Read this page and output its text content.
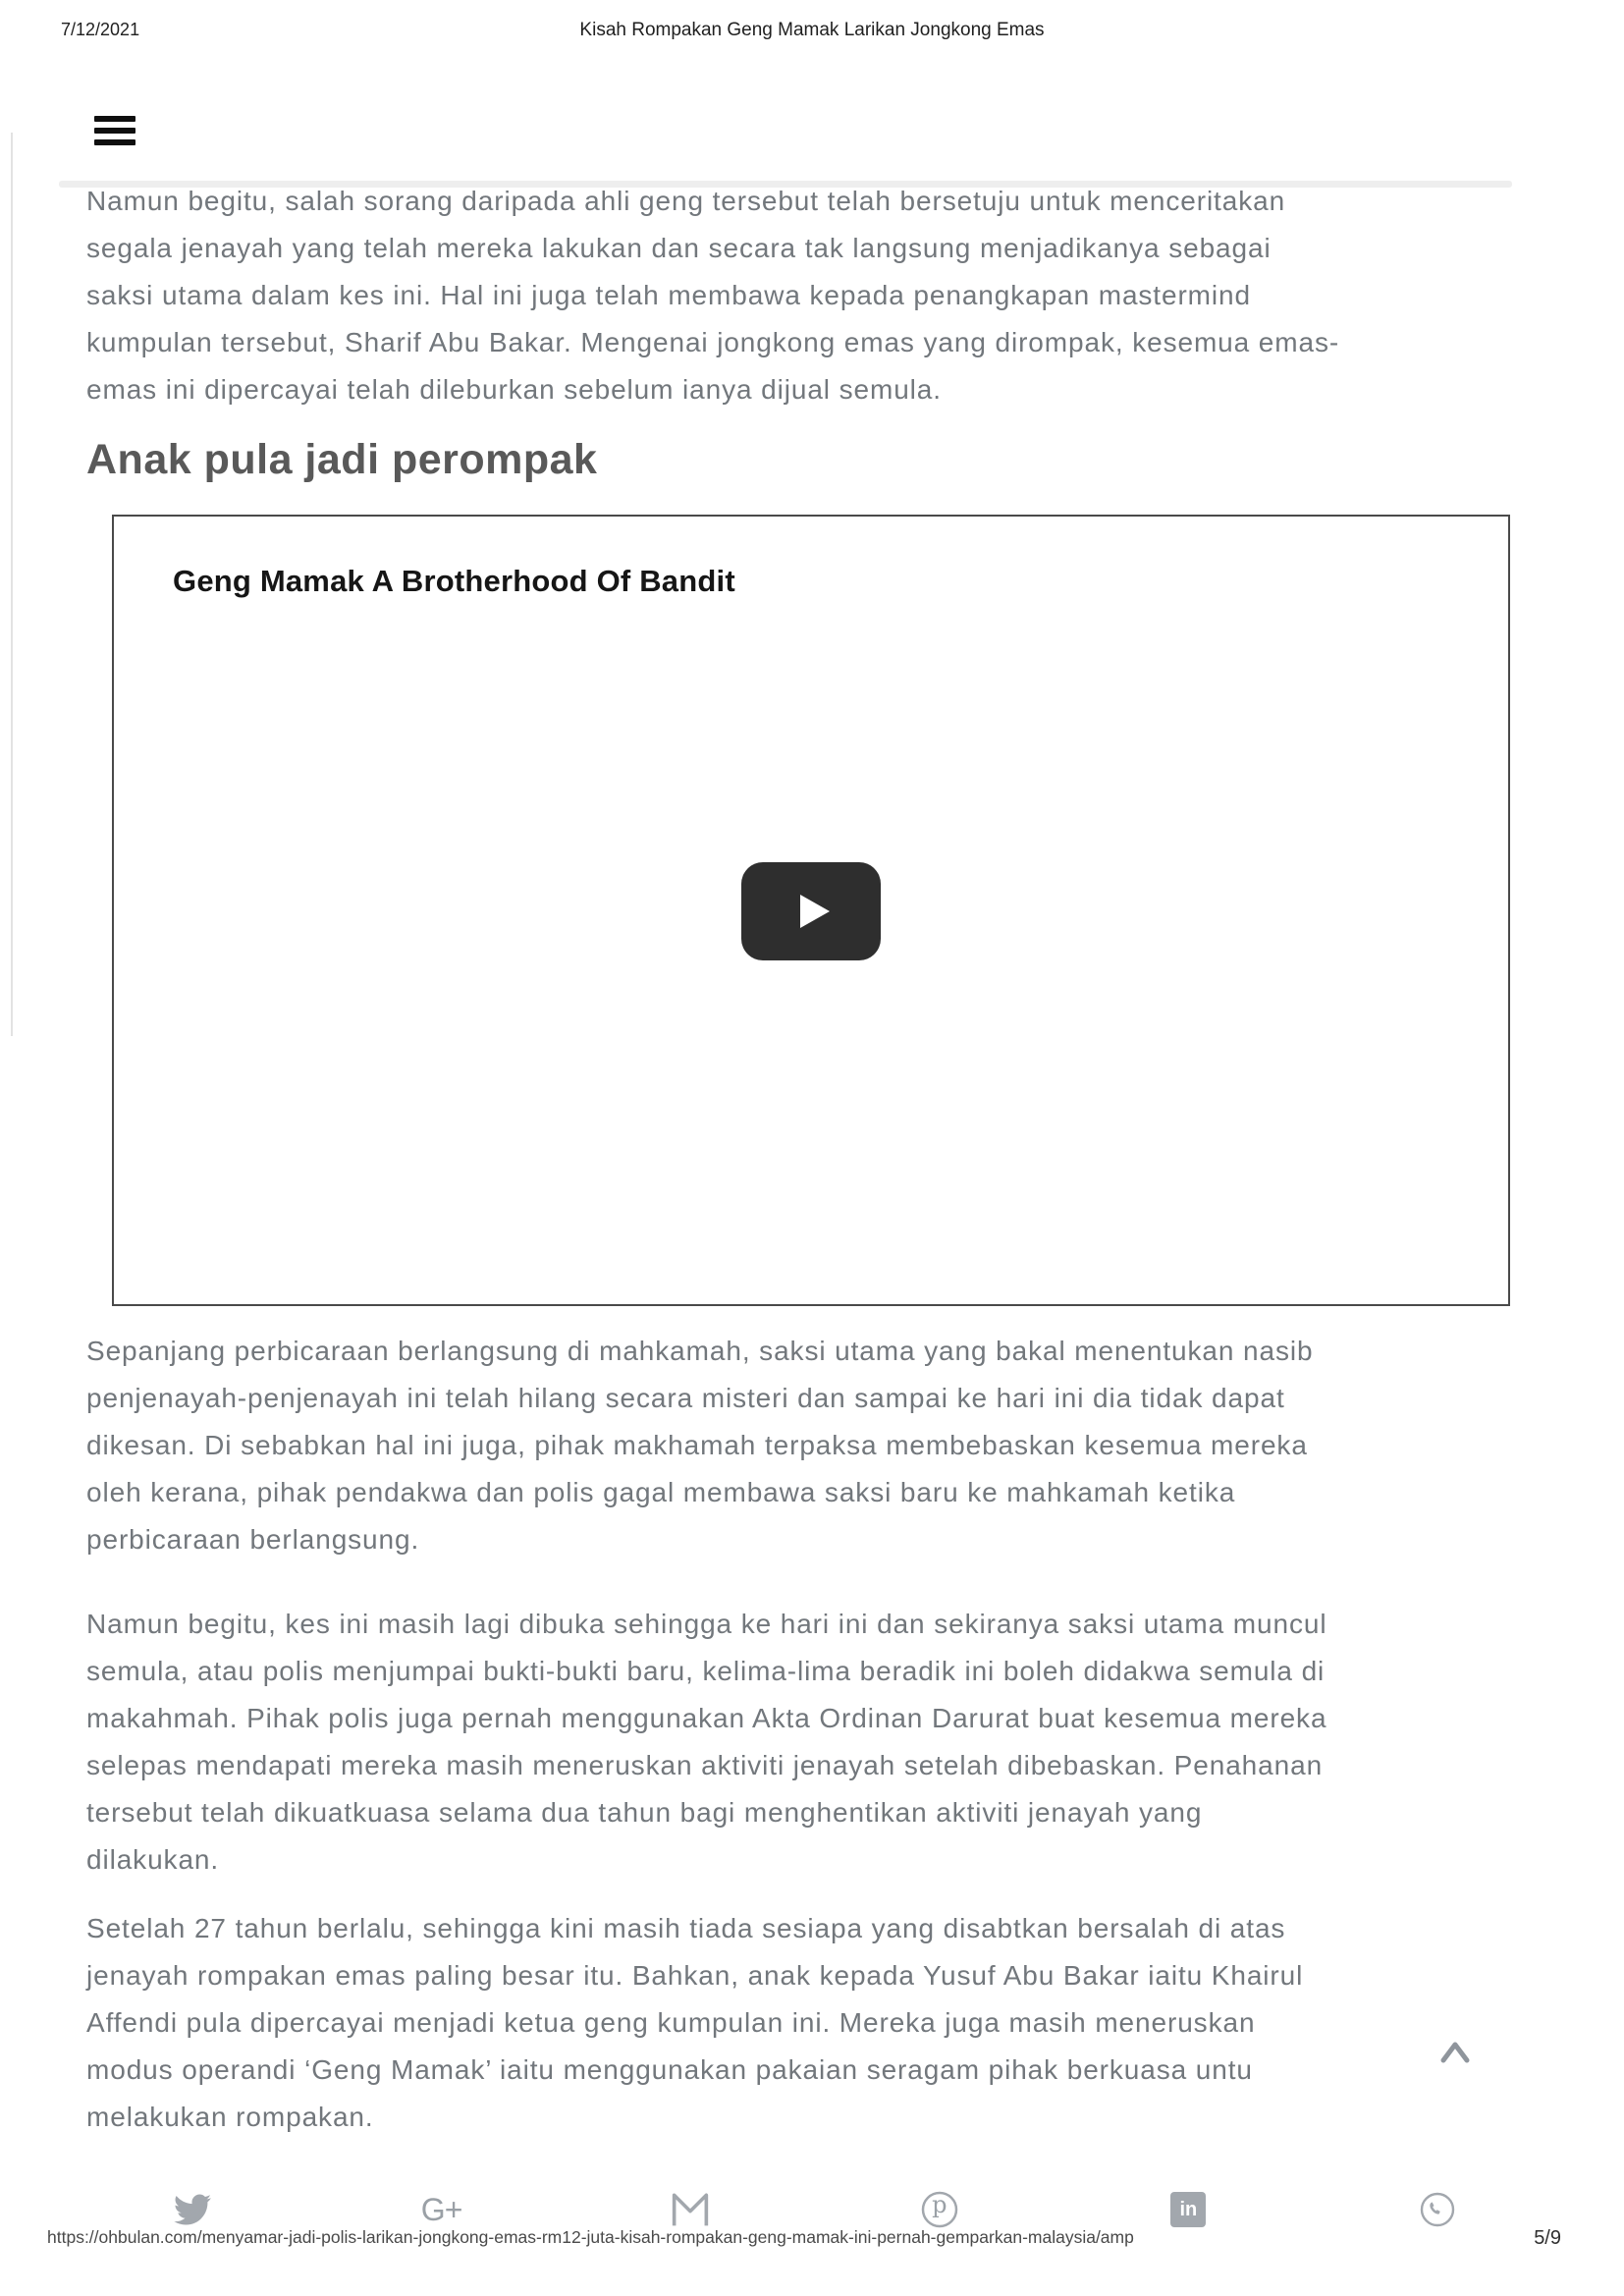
7/12/2021	Kisah Rompakan Geng Mamak Larikan Jongkong Emas
Namun begitu, salah sorang daripada ahli geng tersebut telah bersetuju untuk menceritakan
segala jenayah yang telah mereka lakukan dan secara tak langsung menjadikanya sebagai
saksi utama dalam kes ini. Hal ini juga telah membawa kepada penangkapan mastermind
kumpulan tersebut, Sharif Abu Bakar. Mengenai jongkong emas yang dirompak, kesemua emas-
emas ini dipercayai telah dileburkan sebelum ianya dijual semula.
Anak pula jadi perompak
Geng Mamak A Brotherhood Of Bandit
Sepanjang perbicaraan berlangsung di mahkamah, saksi utama yang bakal menentukan nasib
penjenayah-penjenayah ini telah hilang secara misteri dan sampai ke hari ini dia tidak dapat
dikesan. Di sebabkan hal ini juga, pihak makhamah terpaksa membebaskan kesemua mereka
oleh kerana, pihak pendakwa dan polis gagal membawa saksi baru ke mahkamah ketika
perbicaraan berlangsung.
Namun begitu, kes ini masih lagi dibuka sehingga ke hari ini dan sekiranya saksi utama muncul
semula, atau polis menjumpai bukti-bukti baru, kelima-lima beradik ini boleh didakwa semula di
makahmah. Pihak polis juga pernah menggunakan Akta Ordinan Darurat buat kesemua mereka
selepas mendapati mereka masih meneruskan aktiviti jenayah setelah dibebaskan. Penahanan
tersebut telah dikuatkuasa selama dua tahun bagi menghentikan aktiviti jenayah yang
dilakukan.
Setelah 27 tahun berlalu, sehingga kini masih tiada sesiapa yang disabtkan bersalah di atas
jenayah rompakan emas paling besar itu. Bahkan, anak kepada Yusuf Abu Bakar iaitu Khairul
Affendi pula dipercayai menjadi ketua geng kumpulan ini. Mereka juga masih meneruskan
modus operandi ‘Geng Mamak’ iaitu menggunakan pakaian seragam pihak berkuasa untu
melakukan rompakan.
G+	p	in
https://ohbulan.com/menyamar-jadi-polis-larikan-jongkong-emas-rm12-juta-kisah-rompakan-geng-mamak-ini-pernah-gemparkan-malaysia/amp	5/9
